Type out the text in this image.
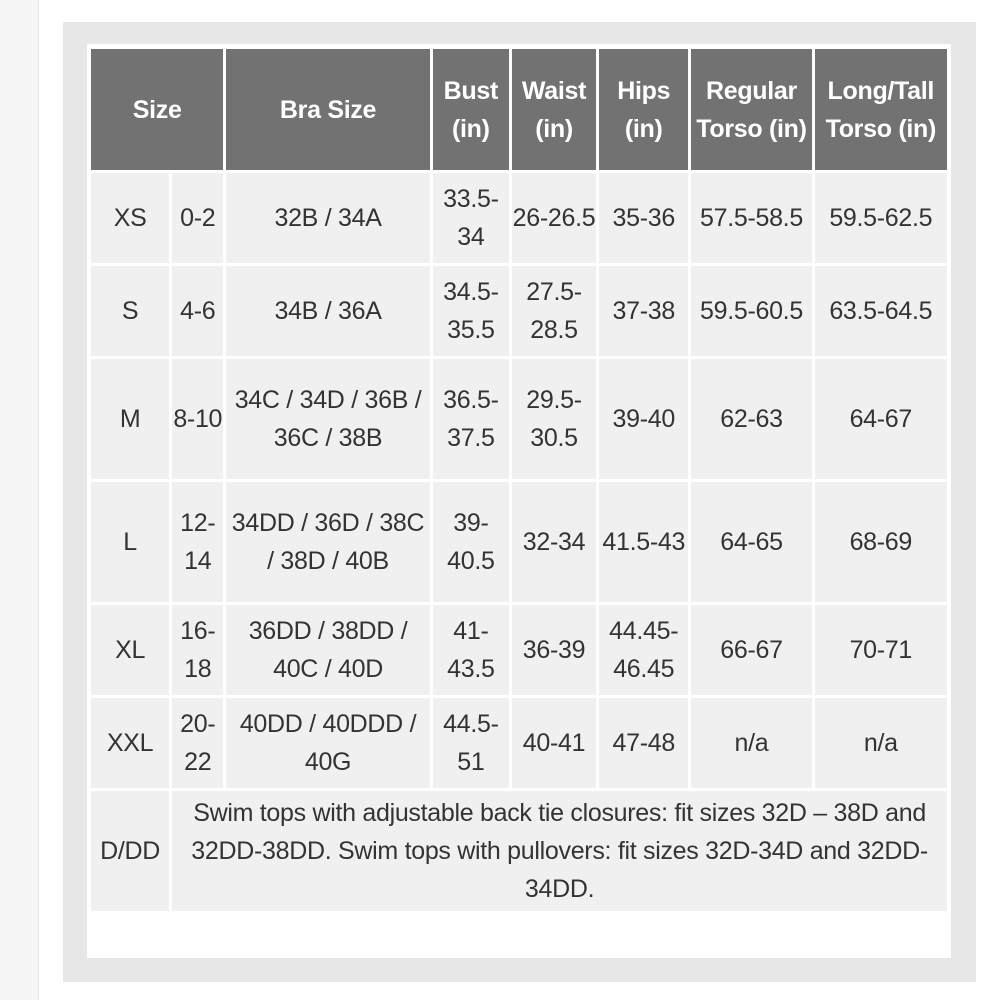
Size		Bra Size	Bust (in)	Waist (in)	Hips (in)	Regular Torso (in)	Long/Tall Torso (in)
XS	0-2	32B / 34A	33.5-34	26-26.5	35-36	57.5-58.5	59.5-62.5
S	4-6	34B / 36A	34.5-35.5	27.5-28.5	37-38	59.5-60.5	63.5-64.5
M	8-10	34C / 34D / 36B / 36C / 38B	36.5-37.5	29.5-30.5	39-40	62-63	64-67
L	12-14	34DD / 36D / 38C / 38D / 40B	39-40.5	32-34	41.5-43	64-65	68-69
XL	16-18	36DD / 38DD / 40C / 40D	41-43.5	36-39	44.45-46.45	66-67	70-71
XXL	20-22	40DD / 40DDD / 40G	44.5-51	40-41	47-48	n/a	n/a
D/DD	Swim tops with adjustable back tie closures: fit sizes 32D – 38D and 32DD-38DD. Swim tops with pullovers: fit sizes 32D-34D and 32DD-34DD.						
